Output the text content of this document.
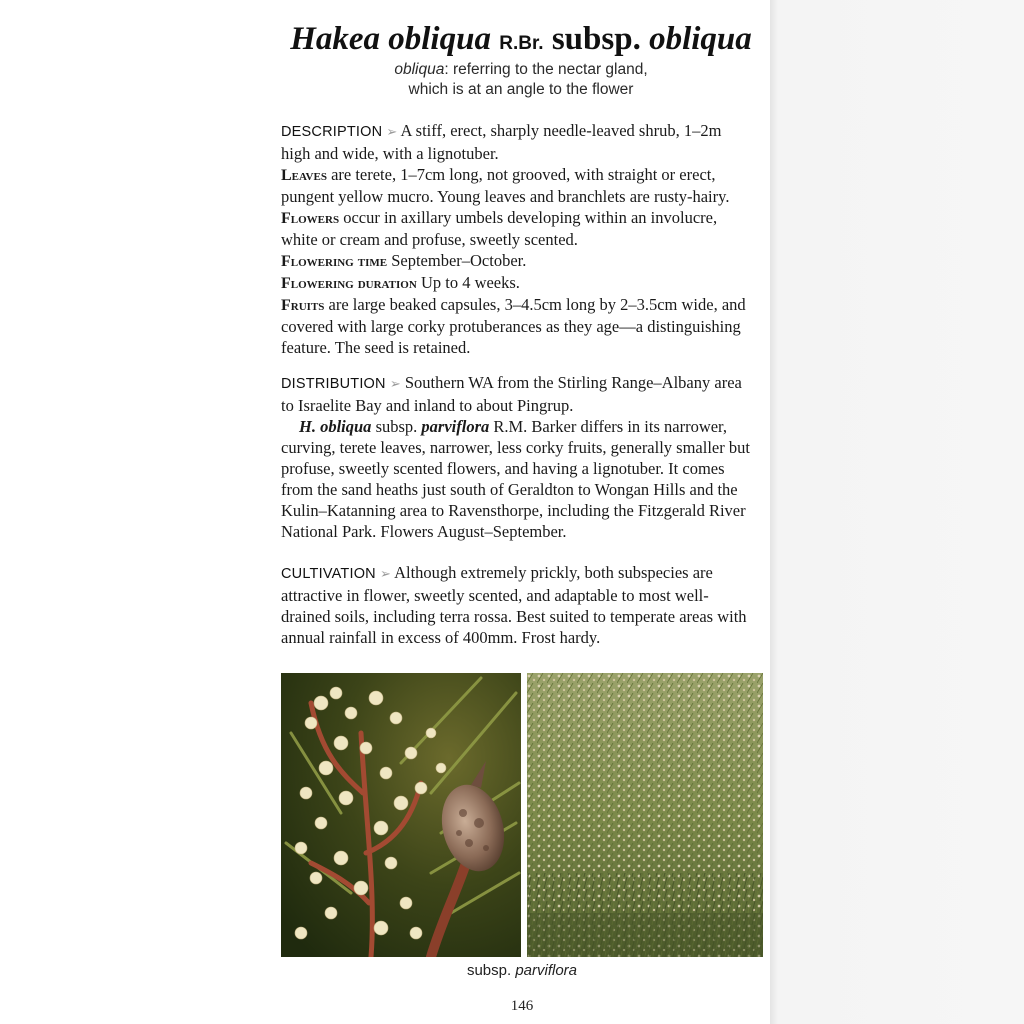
Hakea obliqua R.Br. subsp. obliqua
obliqua: referring to the nectar gland,
which is at an angle to the flower

DESCRIPTION ➢ A stiff, erect, sharply needle-leaved shrub, 1–2m high and wide, with a lignotuber.

Leaves are terete, 1–7cm long, not grooved, with straight or erect, pungent yellow mucro. Young leaves and branchlets are rusty-hairy.

Flowers occur in axillary umbels developing within an involucre, white or cream and profuse, sweetly scented.

Flowering time September–October.

Flowering duration Up to 4 weeks.

Fruits are large beaked capsules, 3–4.5cm long by 2–3.5cm wide, and covered with large corky protuberances as they age—a distinguishing feature. The seed is retained.

DISTRIBUTION ➢ Southern WA from the Stirling Range–Albany area to Israelite Bay and inland to about Pingrup.

H. obliqua subsp. parviflora R.M. Barker differs in its narrower, curving, terete leaves, narrower, less corky fruits, generally smaller but profuse, sweetly scented flowers, and having a lignotuber. It comes from the sand heaths just south of Geraldton to Wongan Hills and the Kulin–Katanning area to Ravensthorpe, including the Fitzgerald River National Park. Flowers August–September.

CULTIVATION ➢ Although extremely prickly, both subspecies are attractive in flower, sweetly scented, and adaptable to most well-drained soils, including terra rossa. Best suited to temperate areas with annual rainfall in excess of 400mm. Frost hardy.

subsp. parviflora
146
